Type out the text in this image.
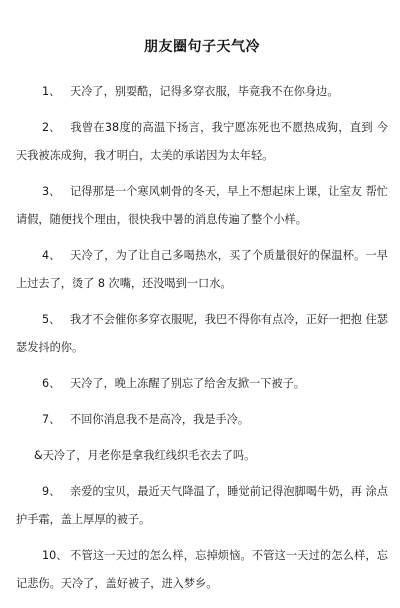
朋友圈句子天气冷

1、 天冷了，别耍酷，记得多穿衣服，毕竟我不在你身边。

2、 我曾在38度的高温下扬言，我宁愿冻死也不愿热成狗，直到 今天我被冻成狗，我才明白，太美的承诺因为太年轻。

3、 记得那是一个寒风刺骨的冬天，早上不想起床上课，让室友 帮忙请假，随便找个理由，很快我中暑的消息传遍了整个小样。

4、 天冷了，为了让自己多喝热水，买了个质量很好的保温杯。一早上过去了，烫了 8 次嘴，还没喝到一口水。

5、 我才不会催你多穿衣服呢，我巴不得你有点冷，正好一把抱 住瑟瑟发抖的你。

6、 天冷了，晚上冻醒了别忘了给舍友掀一下被子。

7、 不回你消息我不是高冷，我是手冷。

&天冷了，月老你是拿我红线织毛衣去了吗。

9、 亲爱的宝贝，最近天气降温了，睡觉前记得泡脚喝牛奶，再 涂点护手霜，盖上厚厚的被子。

10、 不管这一天过的怎么样，忘掉烦恼。不管这一天过的怎么样，忘记悲伤。天冷了，盖好被子，进入梦乡。
